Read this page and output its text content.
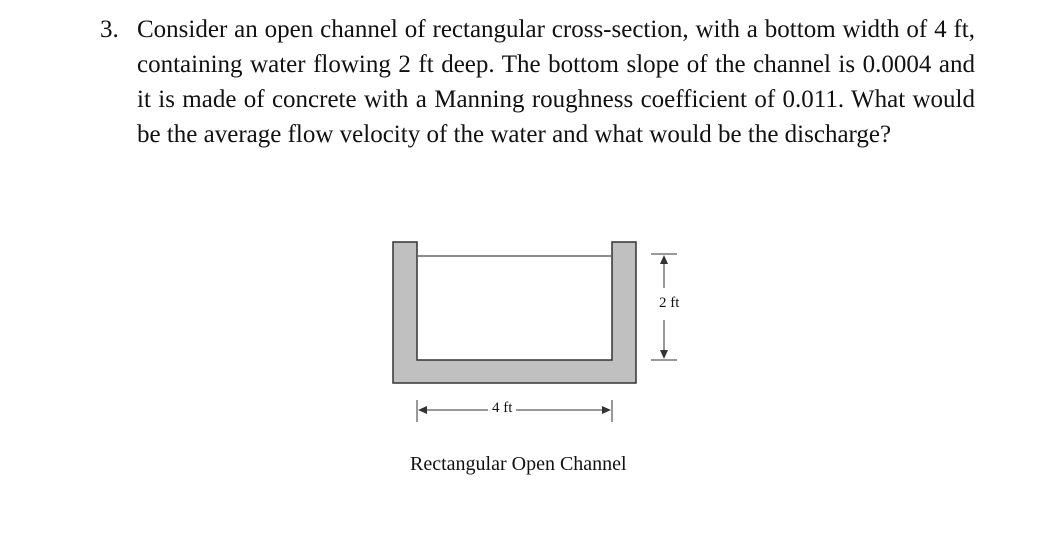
3. Consider an open channel of rectangular cross-section, with a bottom width of 4 ft, containing water flowing 2 ft deep. The bottom slope of the channel is 0.0004 and it is made of concrete with a Manning roughness coefficient of 0.011. What would be the average flow velocity of the water and what would be the discharge?
2 ft
4 ft
Rectangular Open Channel
